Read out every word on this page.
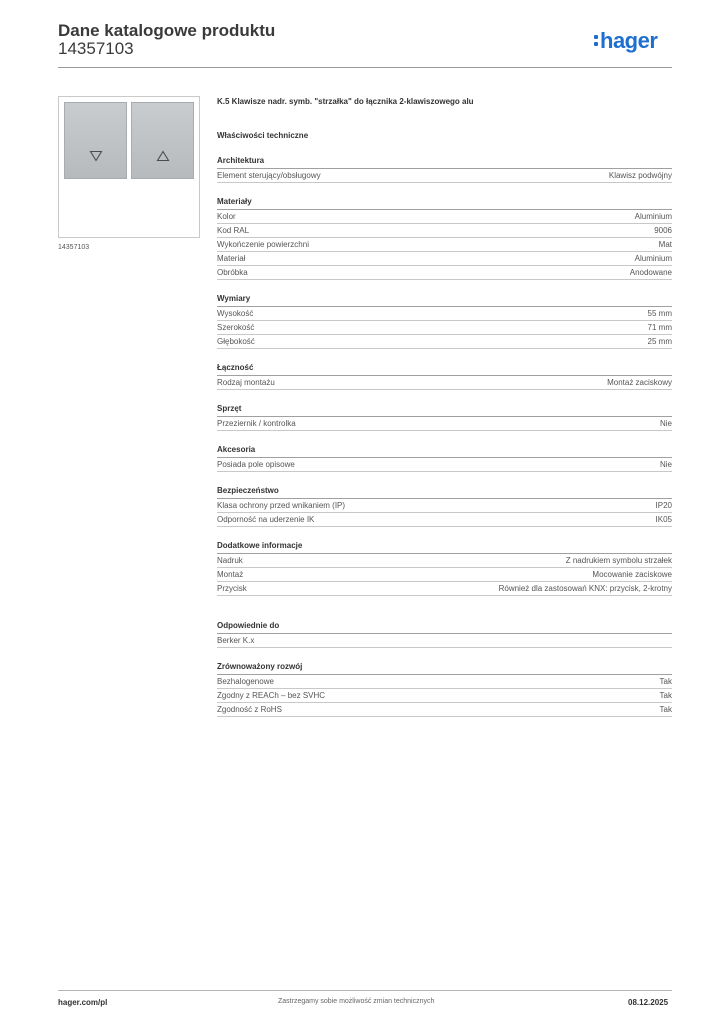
Dane katalogowe produktu
14357103	hager
14357103
K.5 Klawisze nadr. symb. "strzałka" do łącznika 2-klawiszowego alu
Właściwości techniczne
Architektura
Element sterujący/obsługowy	Klawisz podwójny
Materiały
Kolor	Aluminium
Kod RAL	9006
Wykończenie powierzchni	Mat
Materiał	Aluminium
Obróbka	Anodowane
Wymiary
Wysokość	55 mm
Szerokość	71 mm
Głębokość	25 mm
Łączność
Rodzaj montażu	Montaż zaciskowy
Sprzęt
Przeziernik / kontrolka	Nie
Akcesoria
Posiada pole opisowe	Nie
Bezpieczeństwo
Klasa ochrony przed wnikaniem (IP)	IP20
Odporność na uderzenie IK	IK05
Dodatkowe informacje
Nadruk	Z nadrukiem symbolu strzałek
Montaż	Mocowanie zaciskowe
Przycisk	Również dla zastosowań KNX: przycisk, 2-krotny
Odpowiednie do
Berker K.x
Zrównoważony rozwój
Bezhalogenowe	Tak
Zgodny z REACh – bez SVHC	Tak
Zgodność z RoHS	Tak
hager.com/pl	Zastrzegamy sobie możliwość zmian technicznych	08.12.2025
